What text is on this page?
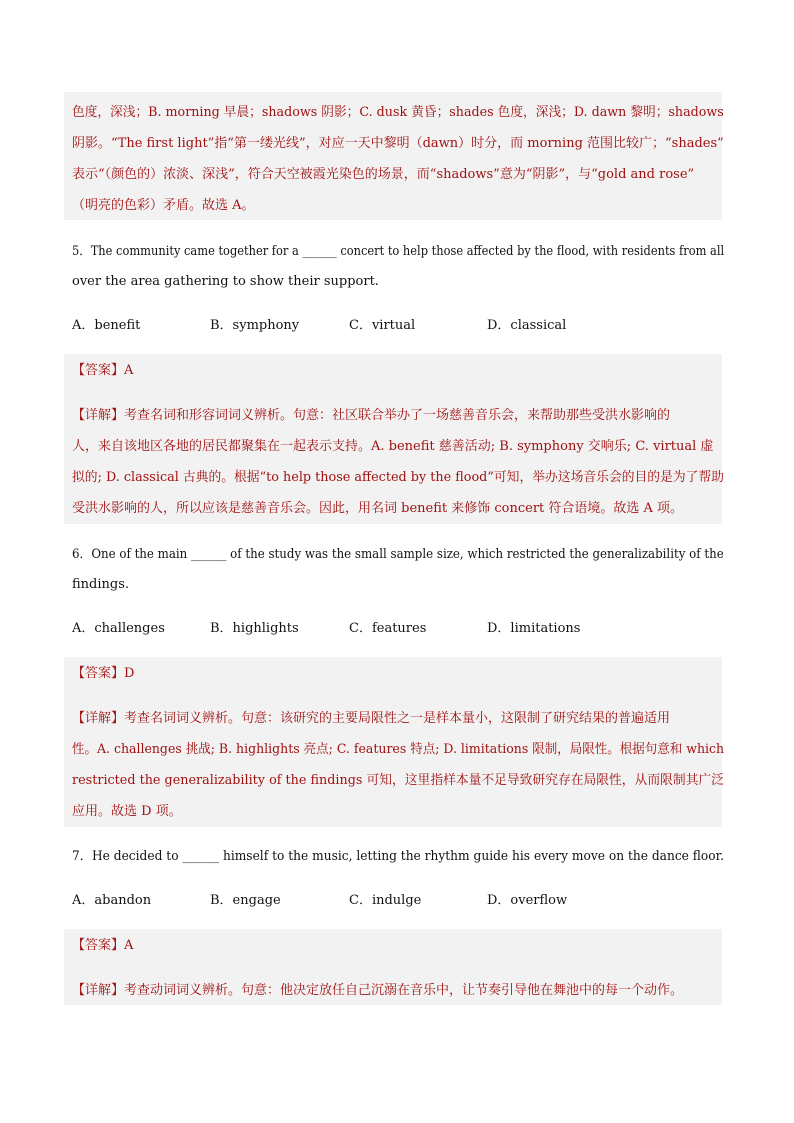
色度，深浅；B. morning 早晨；shadows 阴影；C. dusk 黄昏；shades 色度，深浅；D. dawn 黎明；shadows
阴影。“The first light”指“第一缕光线”，对应一天中黎明（dawn）时分，而 morning 范围比较广；“shades”
表示“（颜色的）浓淡、深浅”，符合天空被霞光染色的场景，而“shadows”意为“阴影”，与“gold and rose”
（明亮的色彩）矛盾。故选 A。
5．The community came together for a ______ concert to help those affected by the flood, with residents from all
over the area gathering to show their support.
A．benefit	B．symphony	C．virtual	D．classical
【答案】A
【详解】考查名词和形容词词义辨析。句意：社区联合举办了一场慈善音乐会，来帮助那些受洪水影响的
人，来自该地区各地的居民都聚集在一起表示支持。A. benefit 慈善活动; B. symphony 交响乐; C. virtual 虚
拟的; D. classical 古典的。根据“to help those affected by the flood”可知，举办这场音乐会的目的是为了帮助
受洪水影响的人，所以应该是慈善音乐会。因此，用名词 benefit 来修饰 concert 符合语境。故选 A 项。
6．One of the main ______ of the study was the small sample size, which restricted the generalizability of the
findings.
A．challenges	B．highlights	C．features	D．limitations
【答案】D
【详解】考查名词词义辨析。句意：该研究的主要局限性之一是样本量小，这限制了研究结果的普遍适用
性。A. challenges 挑战; B. highlights 亮点; C. features 特点; D. limitations 限制，局限性。根据句意和 which
restricted the generalizability of the findings 可知，这里指样本量不足导致研究存在局限性，从而限制其广泛
应用。故选 D 项。
7．He decided to ______ himself to the music, letting the rhythm guide his every move on the dance floor.
A．abandon	B．engage	C．indulge	D．overflow
【答案】A
【详解】考查动词词义辨析。句意：他决定放任自己沉溺在音乐中，让节奏引导他在舞池中的每一个动作。
